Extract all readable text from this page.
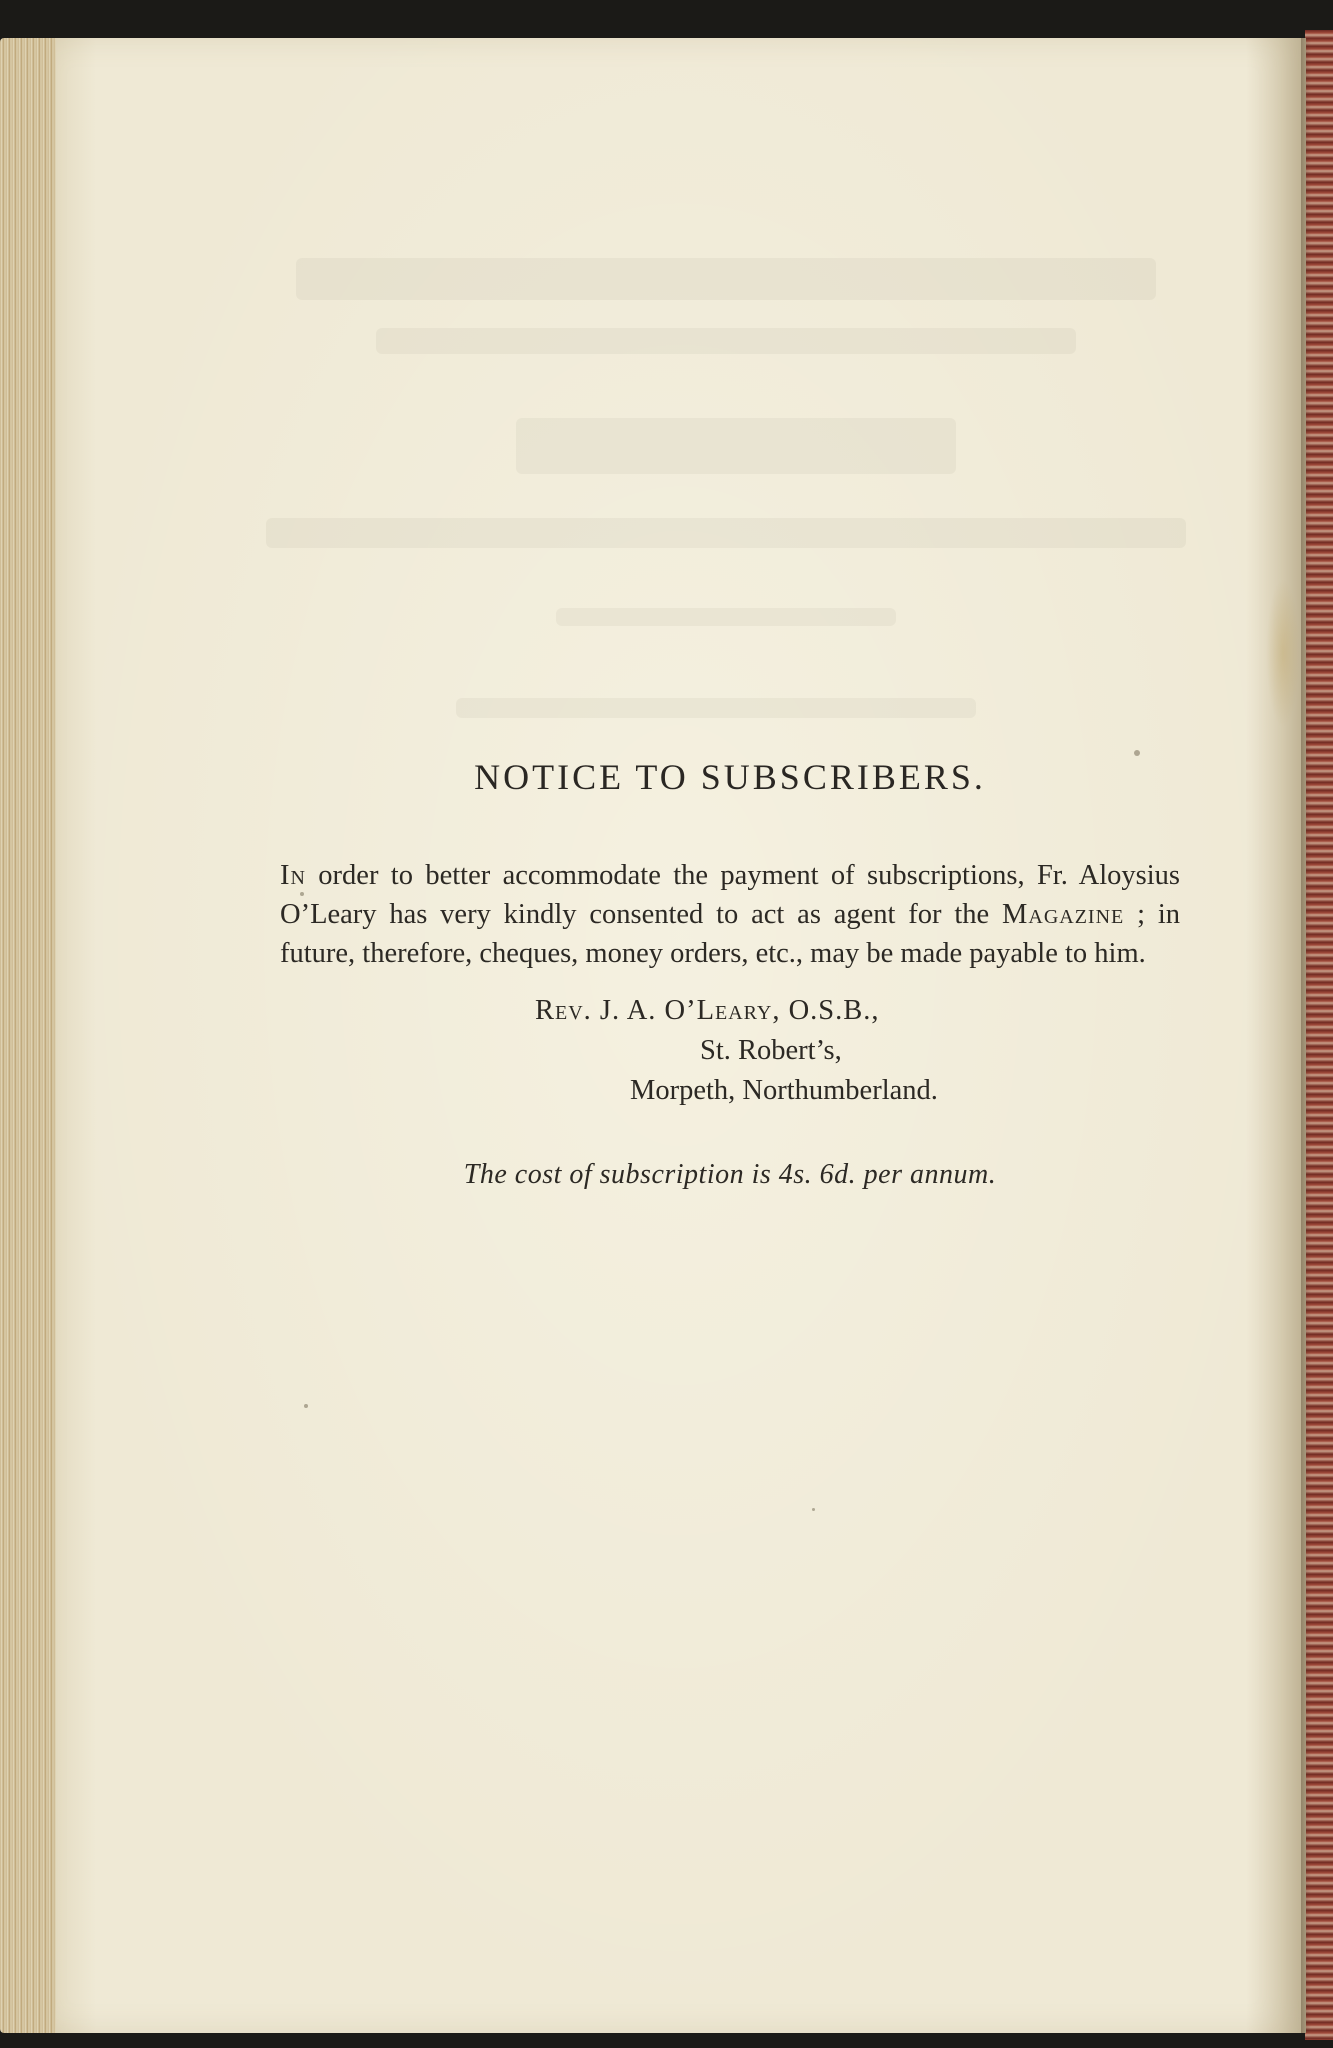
NOTICE TO SUBSCRIBERS.

In order to better accommodate the payment of subscriptions, Fr. Aloysius O’Leary has very kindly consented to act as agent for the Magazine ; in future, therefore, cheques, money orders, etc., may be made payable to him.

Rev. J. A. O’Leary, O.S.B.,
St. Robert’s,
Morpeth, Northumberland.
The cost of subscription is 4s. 6d. per annum.
